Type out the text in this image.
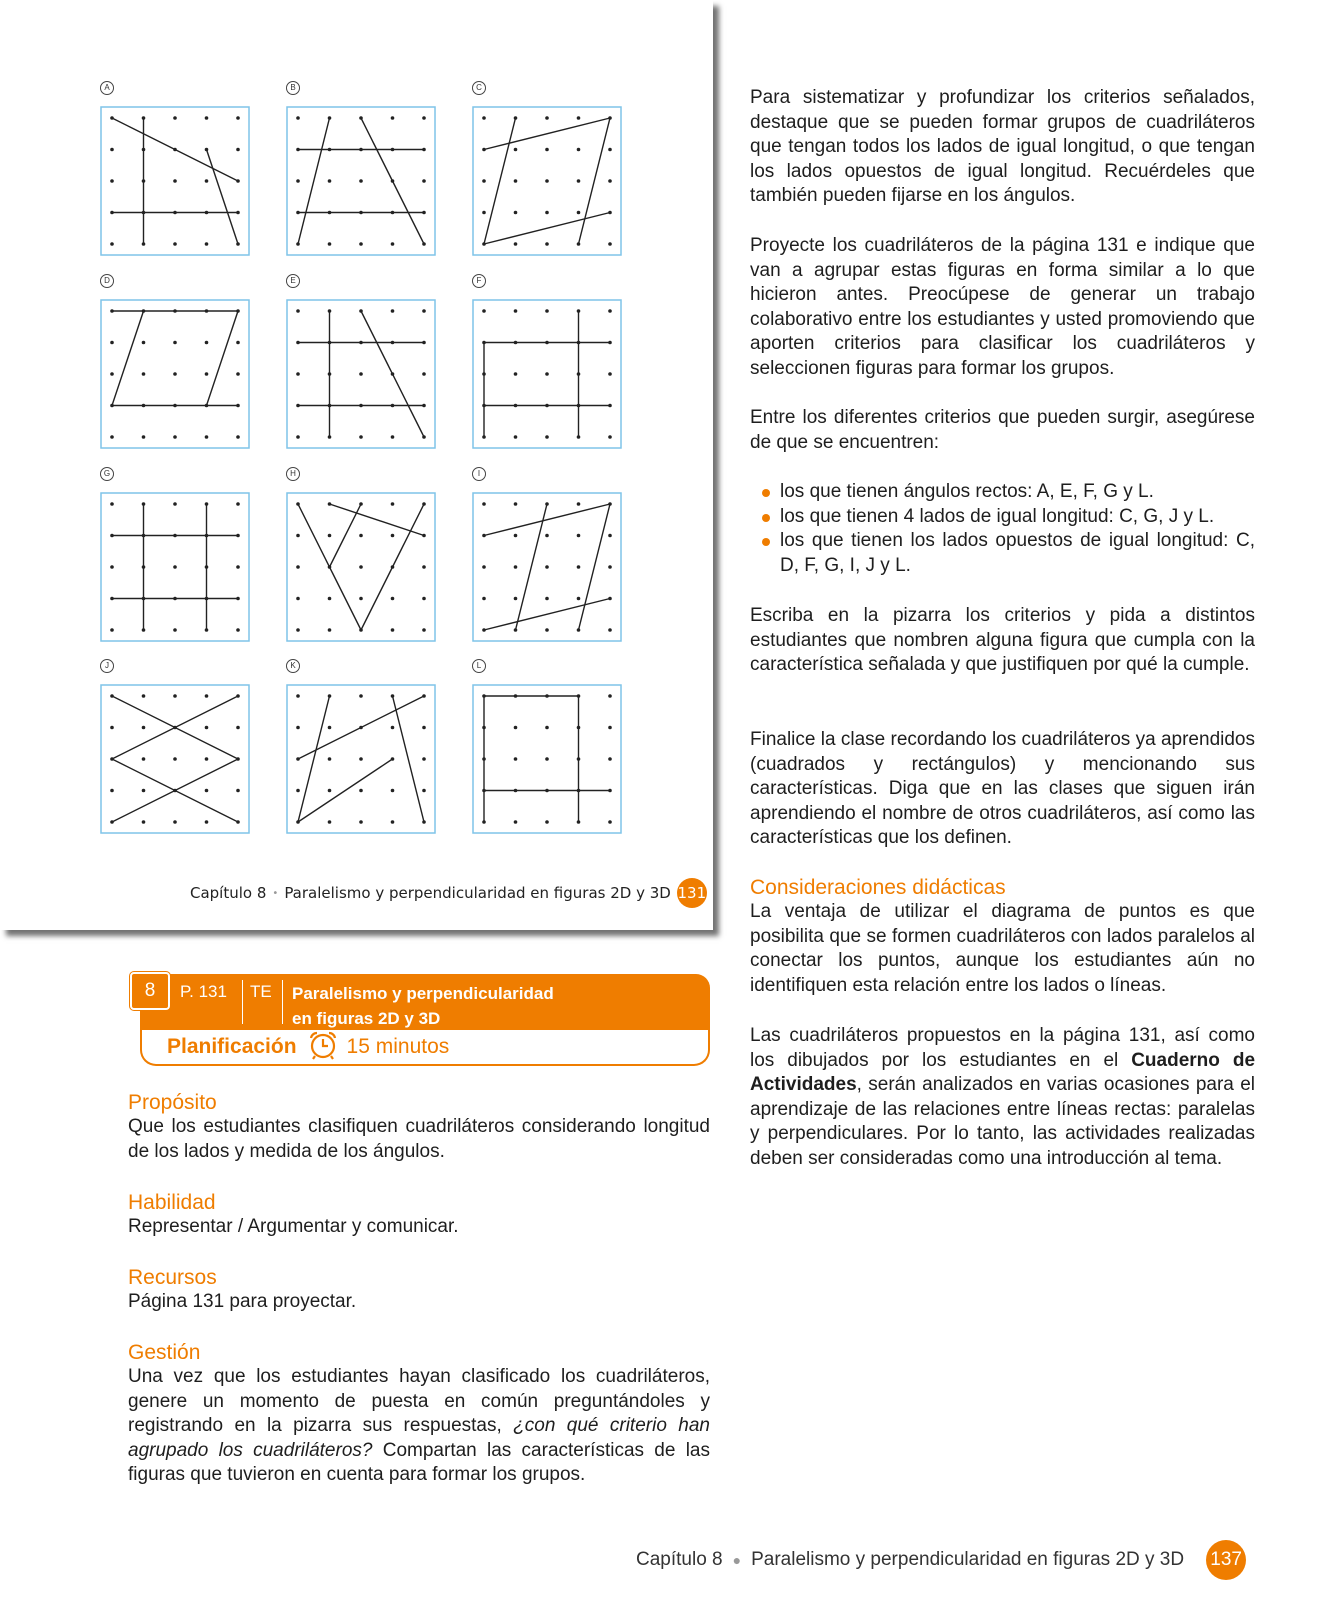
A	B	C
D	E	F
G	H	I
J	K	L
Capítulo 8 • Paralelismo y perpendicularidad en figuras 2D y 3D 131
8	P. 131 TE Paralelismo y perpendicularidad
en figuras 2D y 3D
Planificación 15 minutos
Propósito

Que los estudiantes clasifiquen cuadriláteros considerando longitud de los lados y medida de los ángulos.

Habilidad

Representar / Argumentar y comunicar.

Recursos

Página 131 para proyectar.

Gestión

Una vez que los estudiantes hayan clasificado los cuadriláteros, genere un momento de puesta en común preguntándoles y registrando en la pizarra sus respuestas, ¿con qué criterio han agrupado los cuadriláteros? Compartan las características de las figuras que tuvieron en cuenta para formar los grupos.

Para sistematizar y profundizar los criterios señalados, destaque que se pueden formar grupos de cuadriláteros que tengan todos los lados de igual longitud, o que tengan los lados opuestos de igual longitud. Recuérdeles que también pueden fijarse en los ángulos.

Proyecte los cuadriláteros de la página 131 e indique que van a agrupar estas figuras en forma similar a lo que hicieron antes. Preocúpese de generar un trabajo colaborativo entre los estudiantes y usted promoviendo que aporten criterios para clasificar los cuadriláteros y seleccionen figuras para formar los grupos.

Entre los diferentes criterios que pueden surgir, asegúrese de que se encuentren:

los que tienen ángulos rectos: A, E, F, G y L.
los que tienen 4 lados de igual longitud: C, G, J y L.
los que tienen los lados opuestos de igual longitud: C, D, F, G, I, J y L.

Escriba en la pizarra los criterios y pida a distintos estudiantes que nombren alguna figura que cumpla con la característica señalada y que justifiquen por qué la cumple.

Finalice la clase recordando los cuadriláteros ya aprendidos (cuadrados y rectángulos) y mencionando sus características. Diga que en las clases que siguen irán aprendiendo el nombre de otros cuadriláteros, así como las características que los definen.

Consideraciones didácticas

La ventaja de utilizar el diagrama de puntos es que posibilita que se formen cuadriláteros con lados paralelos al conectar los puntos, aunque los estudiantes aún no identifiquen esta relación entre los lados o líneas.

Las cuadriláteros propuestos en la página 131, así como los dibujados por los estudiantes en el Cuaderno de Actividades, serán analizados en varias ocasiones para el aprendizaje de las relaciones entre líneas rectas: paralelas y perpendiculares. Por lo tanto, las actividades realizadas deben ser consideradas como una introducción al tema.

Capítulo 8 ● Paralelismo y perpendicularidad en figuras 2D y 3D 137
